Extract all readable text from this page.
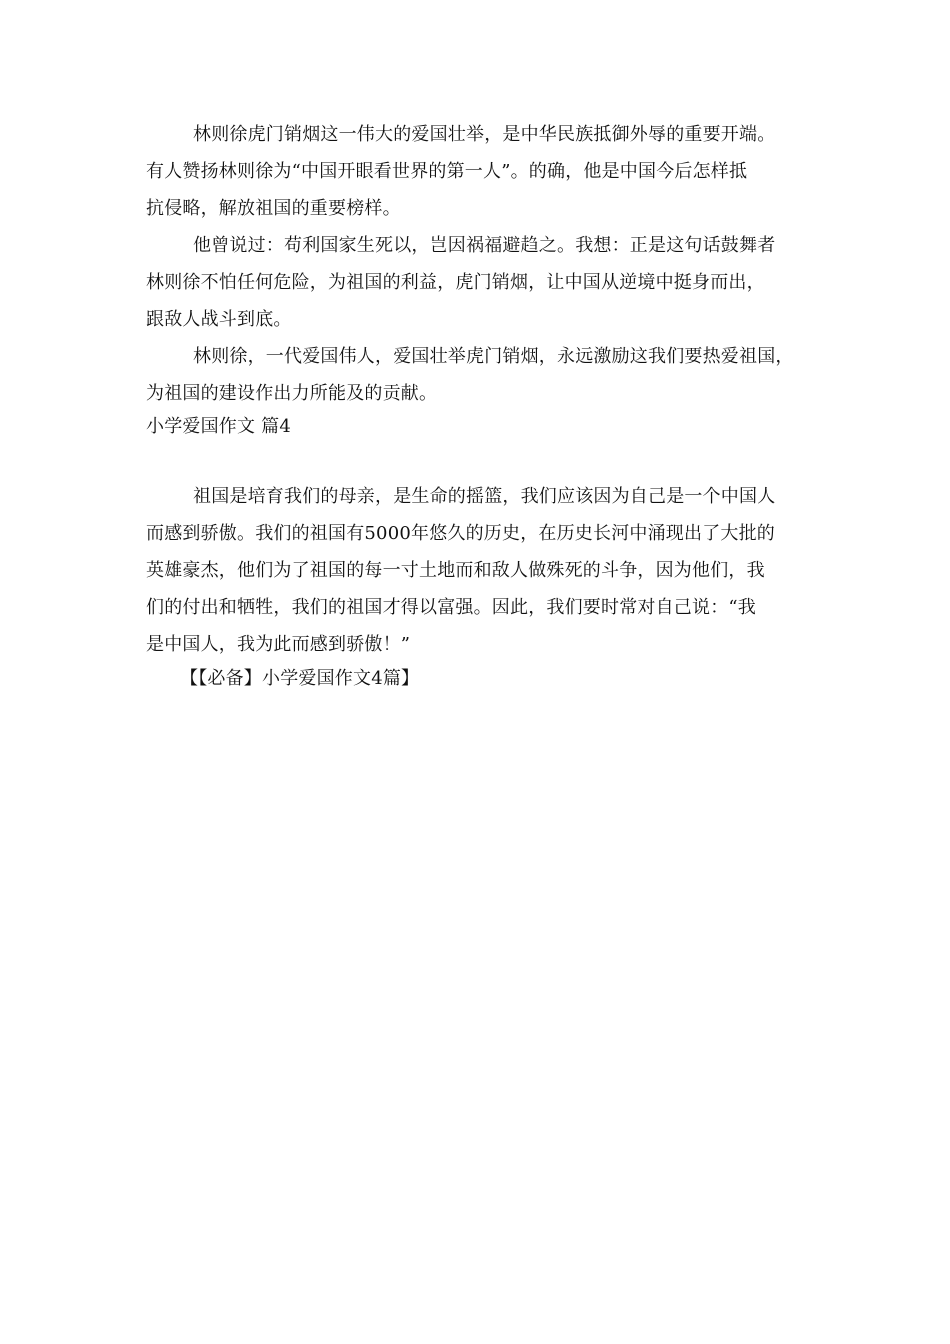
林则徐虎门销烟这一伟大的爱国壮举，是中华民族抵御外辱的重要开端。
有人赞扬林则徐为“中国开眼看世界的第一人”。的确，他是中国今后怎样抵
抗侵略，解放祖国的重要榜样。
他曾说过：苟利国家生死以，岂因祸福避趋之。我想：正是这句话鼓舞者
林则徐不怕任何危险，为祖国的利益，虎门销烟，让中国从逆境中挺身而出，
跟敌人战斗到底。
林则徐，一代爱国伟人，爱国壮举虎门销烟，永远激励这我们要热爱祖国，
为祖国的建设作出力所能及的贡献。
小学爱国作文 篇4
祖国是培育我们的母亲，是生命的摇篮，我们应该因为自己是一个中国人
而感到骄傲。我们的祖国有5000年悠久的历史，在历史长河中涌现出了大批的
英雄豪杰，他们为了祖国的每一寸土地而和敌人做殊死的斗争，因为他们，我
们的付出和牺牲，我们的祖国才得以富强。因此，我们要时常对自己说：“我
是中国人，我为此而感到骄傲！”
【【必备】小学爱国作文4篇】
